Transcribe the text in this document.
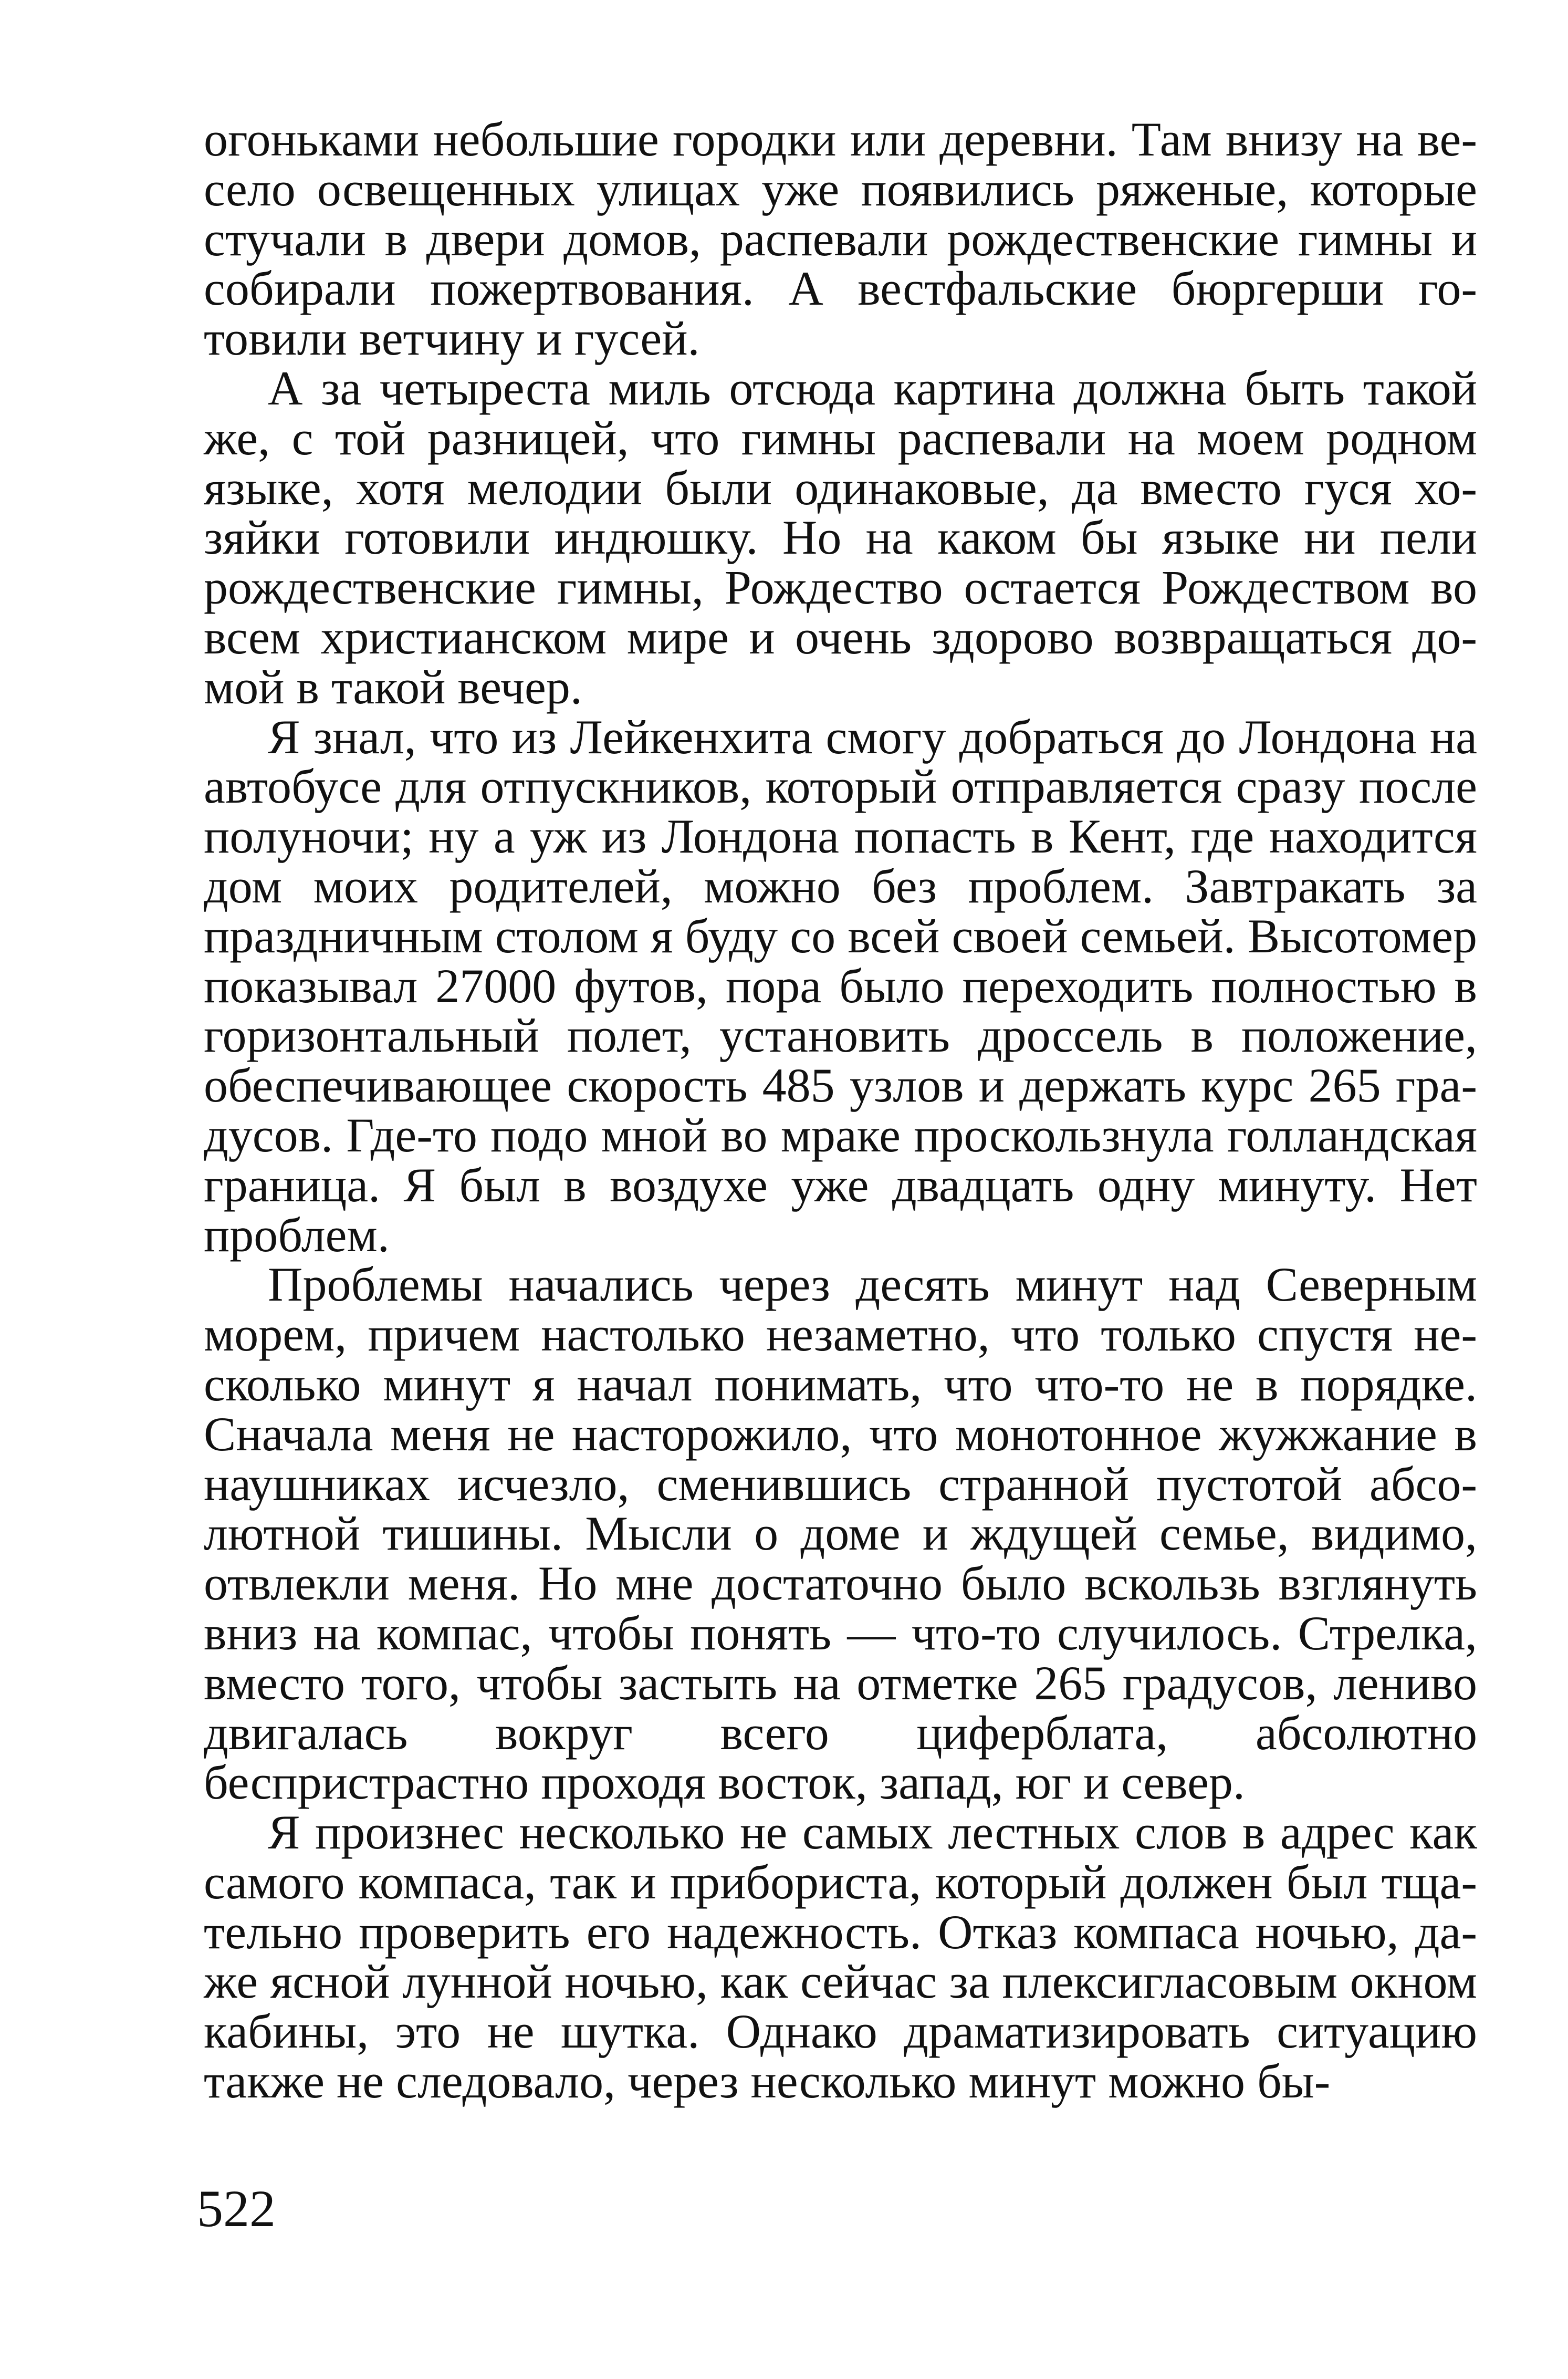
огоньками небольшие городки или деревни. Там внизу на весело освещенных улицах уже появились ряженые, которые стучали в двери домов, распевали рождественские гимны и собирали пожертвования. А вестфальские бюргерши готовили ветчину и гусей.

А за четыреста миль отсюда картина должна быть такой же, с той разницей, что гимны распевали на моем родном языке, хотя мелодии были одинаковые, да вместо гуся хозяйки готовили индюшку. Но на каком бы языке ни пели рождественские гимны, Рождество остается Рождеством во всем христианском мире и очень здорово возвращаться домой в такой вечер.

Я знал, что из Лейкенхита смогу добраться до Лондона на автобусе для отпускников, который отправляется сразу после полуночи; ну а уж из Лондона попасть в Кент, где находится дом моих родителей, можно без проблем. Завтракать за праздничным столом я буду со всей своей семьей. Высотомер показывал 27000 футов, пора было переходить полностью в горизонтальный полет, установить дроссель в положение, обеспечивающее скорость 485 узлов и держать курс 265 градусов. Где-то подо мной во мраке проскользнула голландская граница. Я был в воздухе уже двадцать одну минуту. Нет проблем.

Проблемы начались через десять минут над Северным морем, причем настолько незаметно, что только спустя несколько минут я начал понимать, что что-то не в порядке. Сначала меня не насторожило, что монотонное жужжание в наушниках исчезло, сменившись странной пустотой абсолютной тишины. Мысли о доме и ждущей семье, видимо, отвлекли меня. Но мне достаточно было вскользь взглянуть вниз на компас, чтобы понять — что-то случилось. Стрелка, вместо того, чтобы застыть на отметке 265 градусов, лениво двигалась вокруг всего циферблата, абсолютно беспристрастно проходя восток, запад, юг и север.

Я произнес несколько не самых лестных слов в адрес как самого компаса, так и прибориста, который должен был тщательно проверить его надежность. Отказ компаса ночью, даже ясной лунной ночью, как сейчас за плексигласовым окном кабины, это не шутка. Однако драматизировать ситуацию также не следовало, через несколько минут можно бы-

522
